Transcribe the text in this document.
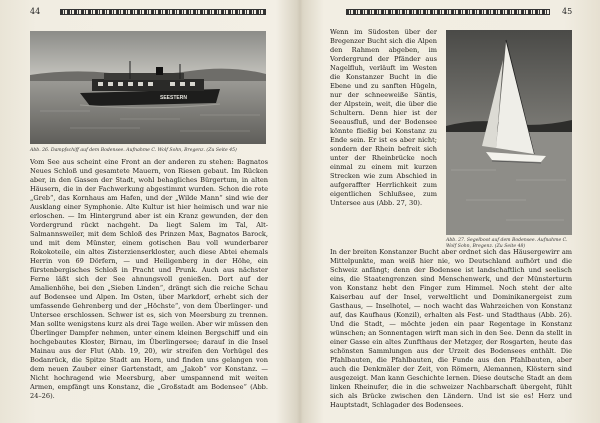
44
SEESTERN

Abb. 26. Dampfschiff auf dem Bodensee. Aufnahme C. Wolf Sohn, Bregenz. (Zu Seite 45)

Vom See aus scheint eine Front an der anderen zu stehen: Bagnatos Neues Schloß und gesamtete Mauern, von Riesen gebaut. Im Rücken aber, in den Gassen der Stadt, wohl behagliches Bürgertum, in alten Häusern, die in der Fachwerkung abgestimmt wurden. Schon die rote „Greb“, das Kornhaus am Hafen, und der „Wilde Mann“ sind wie der Ausklang einer Symphonie. Alte Kultur ist hier heimisch und war nie erloschen. — Im Hintergrund aber ist ein Kranz gewunden, der den Vordergrund rückt nachgeht. Da liegt Salem im Tal, Alt-Salmannsweiler, mit dem Schloß des Prinzen Max, Bagnatos Barock, und mit dem Münster, einem gotischen Bau voll wunderbarer Rokokoteile, ein altes Zisterzienserkloster, auch diese Abtei ehemals Herrin von 69 Dörfern, — und Heiligenberg in der Höhe, ein fürstenbergisches Schloß in Pracht und Prunk. Auch aus nächster Ferne läßt sich der See ahnungsvoll genießen. Dort auf der Amalienhöhe, bei den „Sieben Linden“, drängt sich die reiche Schau auf Bodensee und Alpen. Im Osten, über Markdorf, erhebt sich der umfassende Gehrenberg und der „Höchste“, von dem Überlinger- und Untersee erschlossen. Schwer ist es, sich von Meersburg zu trennen. Man sollte wenigstens kurz als drei Tage weilen. Aber wir müssen den Überlinger Dampfer nehmen, unter einem kleinen Bergschiff und ein hochgebautes Kloster, Birnau, im Überlingersee; darauf in die Insel Mainau aus der Flut (Abb. 19, 20), wir streifen den Vorhügel des Bodanrück, die Spitze Stadt am Horn, und finden uns gelangen von dem neuen Zauber einer Gartenstadt, am „Jakob“ vor Konstanz. — Nicht hochragend wie Meersburg, aber umspannend mit weiten Armen, empfängt uns Konstanz, die „Großstadt am Bodensee“ (Abb. 24–26).

45

Wenn im Südosten über der Bregenzer Bucht sich die Alpen den Rahmen abgeben, im Vordergrund der Pfänder aus Nagelfluh, verläuft im Westen die Konstanzer Bucht in die Ebene und zu sanften Hügeln, nur der schneeweiße Säntis, der Alpstein, weit, die über die Schultern. Denn hier ist der Seeausfluß, und der Bodensee könnte fließig bei Konstanz zu Ende sein. Er ist es aber nicht; sondern der Rhein befreit sich unter der Rheinbrücke noch einmal zu einem mit kurzen Strecken wie zum Abschied in aufgeraffter Herrlichkeit zum eigentlichen Schlußsee, zum Untersee aus (Abb. 27, 30).

Abb. 27. Segelboot auf dem Bodensee. Aufnahme C. Wolf Sohn, Bregenz. (Zu Seite 48)

In der breiten Konstanzer Bucht aber ordnet sich das Häusergewirr am Mittelpunkte, man weiß hier nie, wo Deutschland aufhört und die Schweiz anfängt; denn der Bodensee ist landschaftlich und seelisch eins, die Staatengrenzen sind Menschenwerk, und der Münsterturm von Konstanz hebt den Finger zum Himmel. Noch steht der alte Kaiserbau auf der Insel, verweltlicht und Dominikanergeist zum Gasthaus, — Inselhotel, — noch wacht das Wahrzeichen von Konstanz auf, das Kaufhaus (Konzil), erhalten als Fest- und Stadthaus (Abb. 26). Und die Stadt, — möchte jeden ein paar Regentage in Konstanz wünschen; an Sonnentagen wirft man sich in den See. Denn da stellt in einer Gasse ein altes Zunfthaus der Metzger, der Rosgarten, heute das schönsten Sammlungen aus der Urzeit des Bodensees enthält. Die Pfahlbauten, die Pfahlbauten, die Funde aus den Pfahlbauten, aber auch die Denkmäler der Zeit, von Römern, Alemannen, Klöstern sind ausgezeigt. Man kann Geschichte lernen. Diese deutsche Stadt an dem linken Rheinufer, die in die schweizer Nachbarschaft übergeht, fühlt sich als Brücke zwischen den Ländern. Und ist sie es! Herz und Hauptstadt, Schlagader des Bodensees.
